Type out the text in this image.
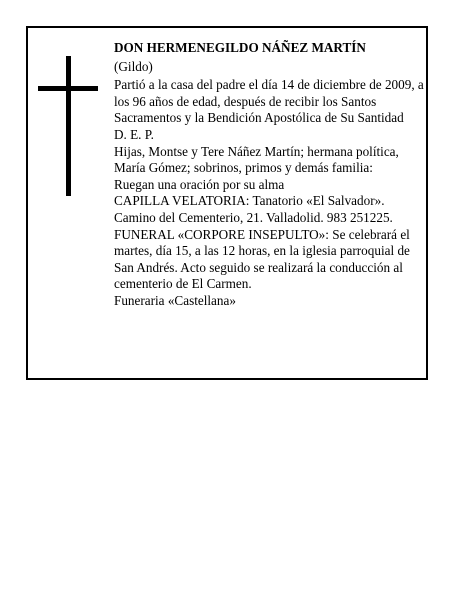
DON HERMENEGILDO NÁÑEZ MARTÍN

(Gildo)

Partió a la casa del padre el día 14 de diciembre de 2009, a los 96 años de edad, después de recibir los Santos Sacramentos y la Bendición Apostólica de Su Santidad

D. E. P.

Hijas, Montse y Tere Náñez Martín; hermana política, María Gómez; sobrinos, primos y demás familia:

Ruegan una oración por su alma

CAPILLA VELATORIA: Tanatorio «El Salvador». Camino del Cementerio, 21. Valladolid. 983 251225.

FUNERAL «CORPORE INSEPULTO»: Se celebrará el martes, día 15, a las 12 horas, en la iglesia parroquial de San Andrés. Acto seguido se realizará la conducción al cementerio de El Carmen.

Funeraria «Castellana»
